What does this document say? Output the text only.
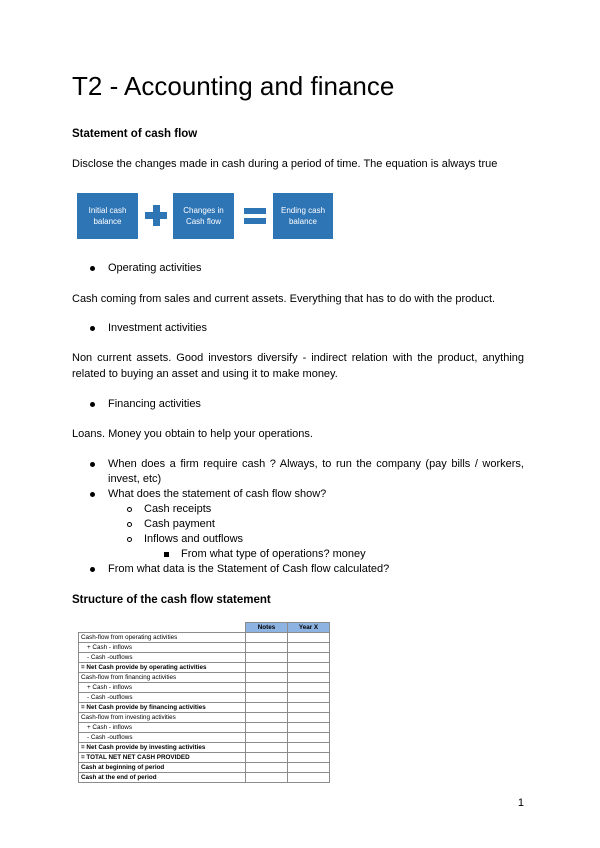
T2 - Accounting and finance
Statement of cash flow
Disclose the changes made in cash during a period of time. The equation is always true
Initial cash balance
Changes in Cash flow
Ending cash balance
Operating activities
Cash coming from sales and current assets. Everything that has to do with the product.
Investment activities
Non current assets. Good investors diversify - indirect relation with the product, anything related to buying an asset and using it to make money.
Financing activities
Loans. Money you obtain to help your operations.
When does a firm require cash ? Always, to run the company (pay bills / workers, invest, etc)
What does the statement of cash flow show?
Cash receipts
Cash payment
Inflows and outflows
From what type of operations? money
From what data is the Statement of Cash flow calculated?
Structure of the cash flow statement
	Notes	Year X
Cash-flow from operating activities		
+ Cash - inflows		
- Cash -outflows		
= Net Cash provide by operating activities		
Cash-flow from financing activities		
+ Cash - inflows		
- Cash -outflows		
= Net Cash provide by financing activities		
Cash-flow from investing activities		
+ Cash - inflows		
- Cash -outflows		
= Net Cash provide by investing activities		
= TOTAL NET NET CASH PROVIDED		
Cash at beginning of period		
Cash at the end of period		
1
